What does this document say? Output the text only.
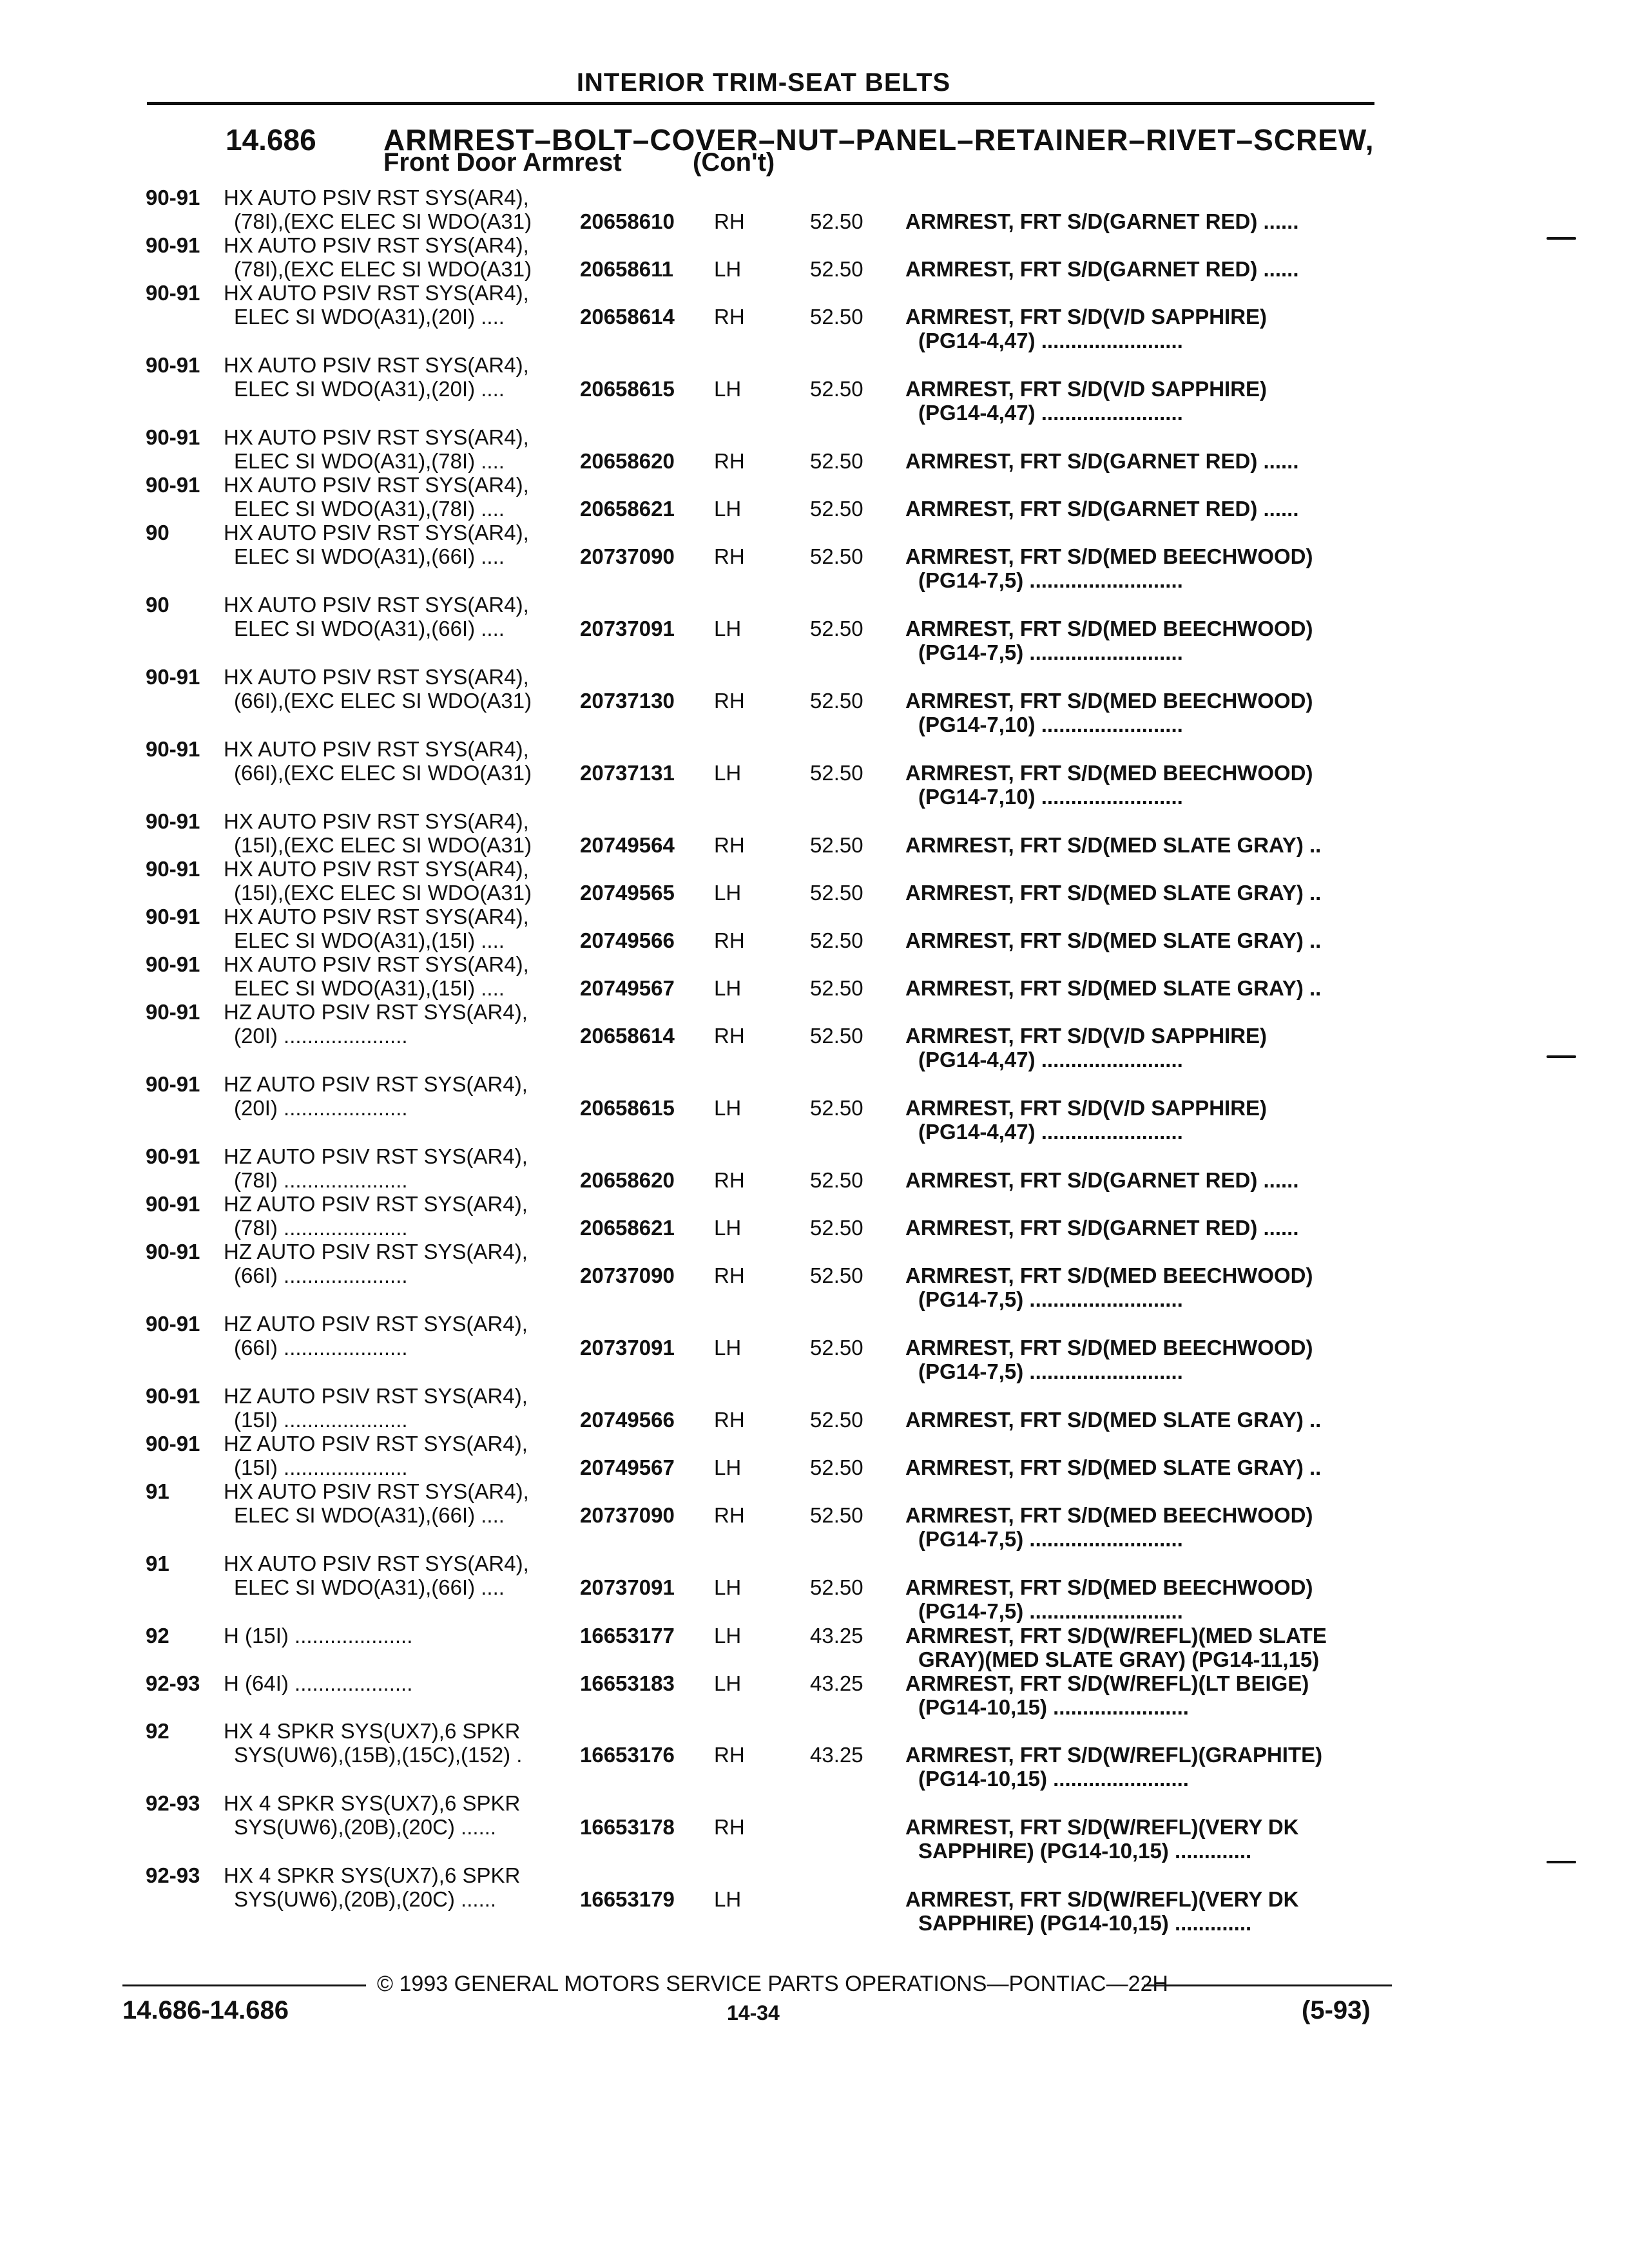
INTERIOR TRIM-SEAT BELTS
14.686 ARMREST–BOLT–COVER–NUT–PANEL–RETAINER–RIVET–SCREW,
Front Door Armrest	(Con't)
90-91 HX AUTO PSIV RST SYS(AR4),
(78I),(EXC ELEC SI WDO(A31) 20658610 RH	52.50 ARMREST, FRT S/D(GARNET RED) ......
90-91 HX AUTO PSIV RST SYS(AR4),
(78I),(EXC ELEC SI WDO(A31) 20658611 LH	52.50 ARMREST, FRT S/D(GARNET RED) ......
90-91 HX AUTO PSIV RST SYS(AR4),
ELEC SI WDO(A31),(20I) ....	20658614 RH	52.50 ARMREST, FRT S/D(V/D SAPPHIRE)
(PG14-4,47) ........................
90-91 HX AUTO PSIV RST SYS(AR4),
ELEC SI WDO(A31),(20I) ....	20658615 LH	52.50 ARMREST, FRT S/D(V/D SAPPHIRE)
(PG14-4,47) ........................
90-91 HX AUTO PSIV RST SYS(AR4),
ELEC SI WDO(A31),(78I) ....	20658620 RH	52.50 ARMREST, FRT S/D(GARNET RED) ......
90-91 HX AUTO PSIV RST SYS(AR4),
ELEC SI WDO(A31),(78I) ....	20658621 LH	52.50 ARMREST, FRT S/D(GARNET RED) ......
90	HX AUTO PSIV RST SYS(AR4),
ELEC SI WDO(A31),(66I) ....	20737090 RH	52.50 ARMREST, FRT S/D(MED BEECHWOOD)
(PG14-7,5) ..........................
90	HX AUTO PSIV RST SYS(AR4),
ELEC SI WDO(A31),(66I) ....	20737091 LH	52.50 ARMREST, FRT S/D(MED BEECHWOOD)
(PG14-7,5) ..........................
90-91 HX AUTO PSIV RST SYS(AR4),
(66I),(EXC ELEC SI WDO(A31) 20737130 RH	52.50 ARMREST, FRT S/D(MED BEECHWOOD)
(PG14-7,10) ........................
90-91 HX AUTO PSIV RST SYS(AR4),
(66I),(EXC ELEC SI WDO(A31) 20737131 LH	52.50 ARMREST, FRT S/D(MED BEECHWOOD)
(PG14-7,10) ........................
90-91 HX AUTO PSIV RST SYS(AR4),
(15I),(EXC ELEC SI WDO(A31) 20749564 RH	52.50 ARMREST, FRT S/D(MED SLATE GRAY) ..
90-91 HX AUTO PSIV RST SYS(AR4),
(15I),(EXC ELEC SI WDO(A31) 20749565 LH	52.50 ARMREST, FRT S/D(MED SLATE GRAY) ..
90-91 HX AUTO PSIV RST SYS(AR4),
ELEC SI WDO(A31),(15I) ....	20749566 RH	52.50 ARMREST, FRT S/D(MED SLATE GRAY) ..
90-91 HX AUTO PSIV RST SYS(AR4),
ELEC SI WDO(A31),(15I) ....	20749567 LH	52.50 ARMREST, FRT S/D(MED SLATE GRAY) ..
90-91 HZ AUTO PSIV RST SYS(AR4),
(20I) .....................	20658614 RH	52.50 ARMREST, FRT S/D(V/D SAPPHIRE)
(PG14-4,47) ........................
90-91 HZ AUTO PSIV RST SYS(AR4),
(20I) .....................	20658615 LH	52.50 ARMREST, FRT S/D(V/D SAPPHIRE)
(PG14-4,47) ........................
90-91 HZ AUTO PSIV RST SYS(AR4),
(78I) .....................	20658620 RH	52.50 ARMREST, FRT S/D(GARNET RED) ......
90-91 HZ AUTO PSIV RST SYS(AR4),
(78I) .....................	20658621 LH	52.50 ARMREST, FRT S/D(GARNET RED) ......
90-91 HZ AUTO PSIV RST SYS(AR4),
(66I) .....................	20737090 RH	52.50 ARMREST, FRT S/D(MED BEECHWOOD)
(PG14-7,5) ..........................
90-91 HZ AUTO PSIV RST SYS(AR4),
(66I) .....................	20737091 LH	52.50 ARMREST, FRT S/D(MED BEECHWOOD)
(PG14-7,5) ..........................
90-91 HZ AUTO PSIV RST SYS(AR4),
(15I) .....................	20749566 RH	52.50 ARMREST, FRT S/D(MED SLATE GRAY) ..
90-91 HZ AUTO PSIV RST SYS(AR4),
(15I) .....................	20749567 LH	52.50 ARMREST, FRT S/D(MED SLATE GRAY) ..
91	HX AUTO PSIV RST SYS(AR4),
ELEC SI WDO(A31),(66I) ....	20737090 RH	52.50 ARMREST, FRT S/D(MED BEECHWOOD)
(PG14-7,5) ..........................
91	HX AUTO PSIV RST SYS(AR4),
ELEC SI WDO(A31),(66I) ....	20737091 LH	52.50 ARMREST, FRT S/D(MED BEECHWOOD)
(PG14-7,5) ..........................
92	H (15I) ....................	16653177 LH	43.25 ARMREST, FRT S/D(W/REFL)(MED SLATE
GRAY)(MED SLATE GRAY) (PG14-11,15)
92-93 H (64I) ....................	16653183 LH	43.25 ARMREST, FRT S/D(W/REFL)(LT BEIGE)
(PG14-10,15) .......................
92	HX 4 SPKR SYS(UX7),6 SPKR
SYS(UW6),(15B),(15C),(152) .	16653176 RH	43.25 ARMREST, FRT S/D(W/REFL)(GRAPHITE)
(PG14-10,15) .......................
92-93 HX 4 SPKR SYS(UX7),6 SPKR
SYS(UW6),(20B),(20C) ......	16653178 RH	ARMREST, FRT S/D(W/REFL)(VERY DK
SAPPHIRE) (PG14-10,15) .............
92-93 HX 4 SPKR SYS(UX7),6 SPKR
SYS(UW6),(20B),(20C) ......	16653179 LH	ARMREST, FRT S/D(W/REFL)(VERY DK
SAPPHIRE) (PG14-10,15) .............
© 1993 GENERAL MOTORS SERVICE PARTS OPERATIONS—PONTIAC—22H
14.686-14.686	14-34	(5-93)
